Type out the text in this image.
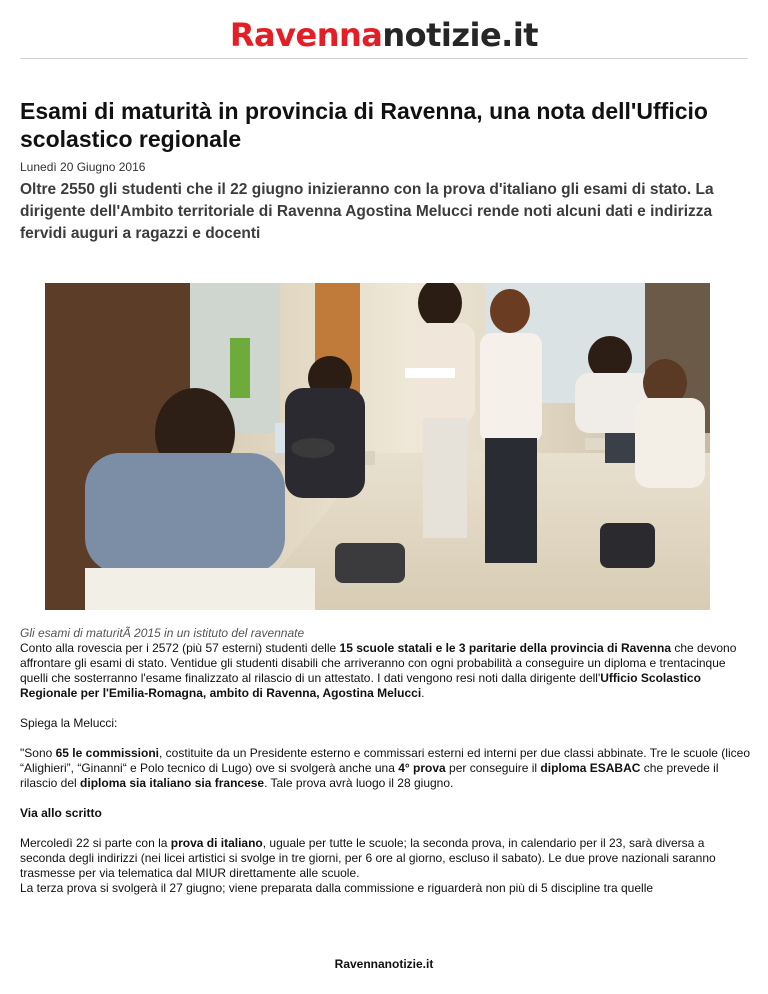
Ravennanotizie.it
Esami di maturità in provincia di Ravenna, una nota dell'Ufficio scolastico regionale
Lunedì 20 Giugno 2016
Oltre 2550 gli studenti che il 22 giugno inizieranno con la prova d'italiano gli esami di stato. La dirigente dell'Ambito territoriale di Ravenna Agostina Melucci rende noti alcuni dati e indirizza fervidi auguri a ragazzi e docenti
Gli esami di maturitÃ 2015 in un istituto del ravennate

Conto alla rovescia per i 2572 (più 57 esterni) studenti delle 15 scuole statali e le 3 paritarie della provincia di Ravenna che devono affrontare gli esami di stato. Ventidue gli studenti disabili che arriveranno con ogni probabilità a conseguire un diploma e trentacinque quelli che sosterranno l'esame finalizzato al rilascio di un attestato. I dati vengono resi noti dalla dirigente dell'Ufficio Scolastico Regionale per l'Emilia-Romagna, ambito di Ravenna, Agostina Melucci.

Spiega la Melucci:

"Sono 65 le commissioni, costituite da un Presidente esterno e commissari esterni ed interni per due classi abbinate. Tre le scuole (liceo “Alighieri”, “Ginanni“ e Polo tecnico di Lugo) ove si svolgerà anche una 4° prova per conseguire il diploma ESABAC che prevede il rilascio del diploma sia italiano sia francese. Tale prova avrà luogo il 28 giugno.

Via allo scritto

Mercoledì 22 si parte con la prova di italiano, uguale per tutte le scuole; la seconda prova, in calendario per il 23, sarà diversa a seconda degli indirizzi (nei licei artistici si svolge in tre giorni, per 6 ore al giorno, escluso il sabato). Le due prove nazionali saranno trasmesse per via telematica dal MIUR direttamente alle scuole.

La terza prova si svolgerà il 27 giugno; viene preparata dalla commissione e riguarderà non più di 5 discipline tra quelle

Ravennanotizie.it
